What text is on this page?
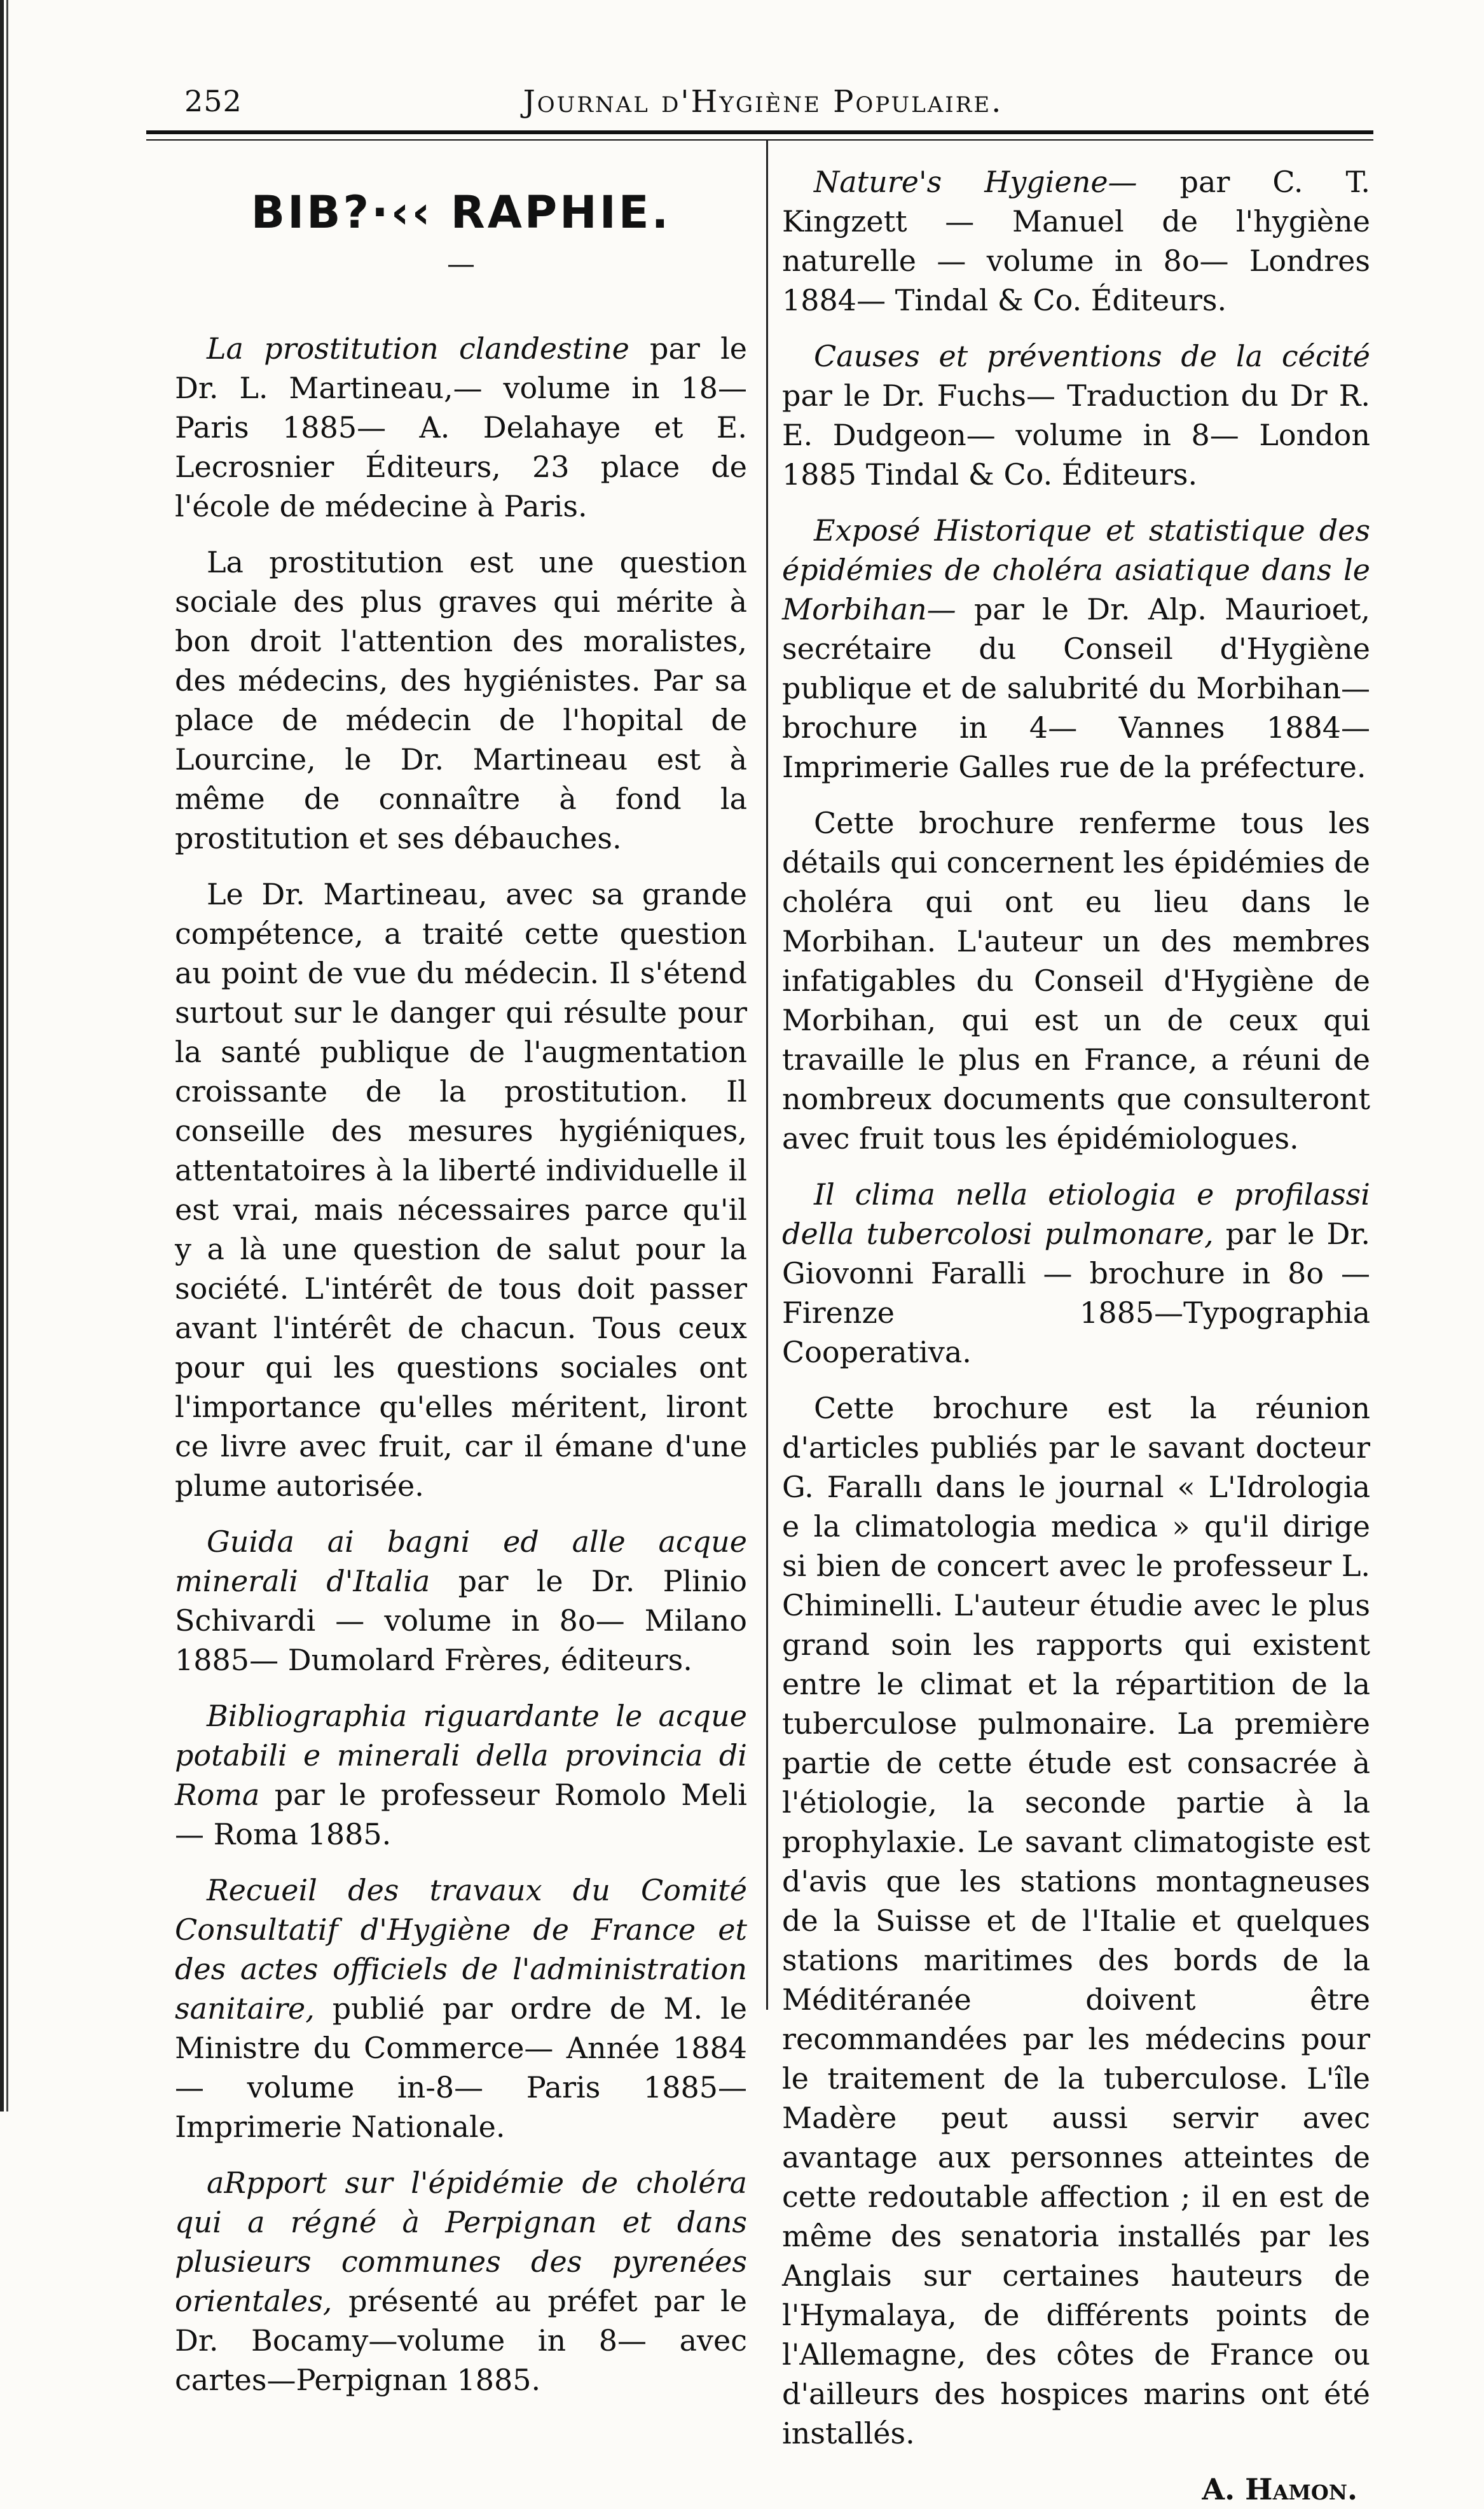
252	Journal d'Hygiène Populaire.
BIB?·‹‹ RAPHIE.
—

La prostitution clandestine par le Dr. L. Martineau,— volume in 18— Paris 1885— A. Delahaye et E. Lecrosnier Éditeurs, 23 place de l'école de médecine à Paris.

La prostitution est une question sociale des plus graves qui mérite à bon droit l'attention des moralistes, des médecins, des hygiénistes. Par sa place de médecin de l'hopital de Lourcine, le Dr. Martineau est à même de connaître à fond la prostitution et ses débauches.

Le Dr. Martineau, avec sa grande compétence, a traité cette question au point de vue du médecin. Il s'étend surtout sur le danger qui résulte pour la santé publique de l'augmentation croissante de la prostitution. Il conseille des mesures hygiéniques, attentatoires à la liberté individuelle il est vrai, mais nécessaires parce qu'il y a là une question de salut pour la société. L'intérêt de tous doit passer avant l'intérêt de chacun. Tous ceux pour qui les questions sociales ont l'importance qu'elles méritent, liront ce livre avec fruit, car il émane d'une plume autorisée.

Guida ai bagni ed alle acque minerali d'Italia par le Dr. Plinio Schivardi — volume in 8o— Milano 1885— Dumolard Frères, éditeurs.

Bibliographia riguardante le acque potabili e minerali della provincia di Roma par le professeur Romolo Meli— Roma 1885.

Recueil des travaux du Comité Consultatif d'Hygiène de France et des actes officiels de l'administration sanitaire, publié par ordre de M. le Ministre du Commerce— Année 1884— volume in-8— Paris 1885— Imprimerie Nationale.

aRpport sur l'épidémie de choléra qui a régné à Perpignan et dans plusieurs communes des pyrenées orientales, présenté au préfet par le Dr. Bocamy—volume in 8— avec cartes—Perpignan 1885.

Nature's Hygiene— par C. T. Kingzett — Manuel de l'hygiène naturelle — volume in 8o— Londres 1884— Tindal & Co. Éditeurs.

Causes et préventions de la cécité par le Dr. Fuchs— Traduction du Dr R. E. Dudgeon— volume in 8— London 1885 Tindal & Co. Éditeurs.

Exposé Historique et statistique des épidémies de choléra asiatique dans le Morbihan— par le Dr. Alp. Maurioet, secrétaire du Conseil d'Hygiène publique et de salubrité du Morbihan— brochure in 4— Vannes 1884— Imprimerie Galles rue de la préfecture.

Cette brochure renferme tous les détails qui concernent les épidémies de choléra qui ont eu lieu dans le Morbihan. L'auteur un des membres infatigables du Conseil d'Hygiène de Morbihan, qui est un de ceux qui travaille le plus en France, a réuni de nombreux documents que consulteront avec fruit tous les épidémiologues.

Il clima nella etiologia e profilassi della tubercolosi pulmonare, par le Dr. Giovonni Faralli — brochure in 8o — Firenze 1885—Typographia Cooperativa.

Cette brochure est la réunion d'articles publiés par le savant docteur G. Farallı dans le journal « L'Idrologia e la climatologia medica » qu'il dirige si bien de concert avec le professeur L. Chiminelli. L'auteur étudie avec le plus grand soin les rapports qui existent entre le climat et la répartition de la tuberculose pulmonaire. La première partie de cette étude est consacrée à l'étiologie, la seconde partie à la prophylaxie. Le savant climatogiste est d'avis que les stations montagneuses de la Suisse et de l'Italie et quelques stations maritimes des bords de la Méditéranée doivent être recommandées par les médecins pour le traitement de la tuberculose. L'île Madère peut aussi servir avec avantage aux personnes atteintes de cette redoutable affection ; il en est de même des senatoria installés par les Anglais sur certaines hauteurs de l'Hymalaya, de différents points de l'Allemagne, des côtes de France ou d'ailleurs des hospices marins ont été installés.

A. Hamon.
